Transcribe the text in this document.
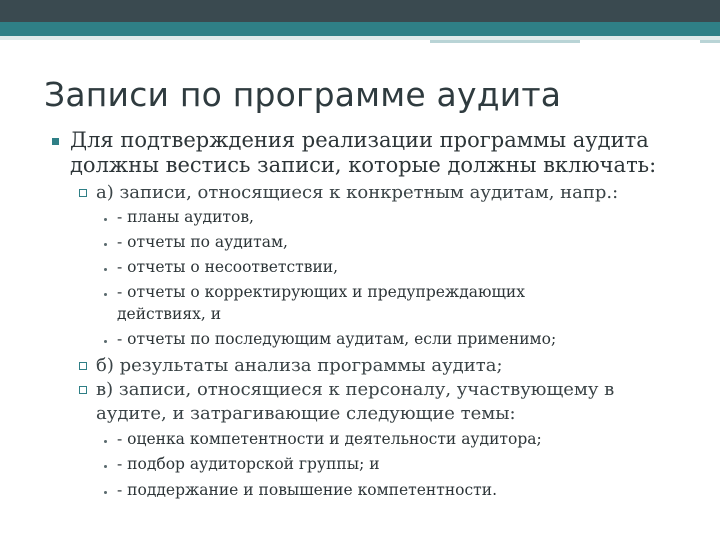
Записи по программе аудита
Для подтверждения реализации программы аудита
должны вестись записи, которые должны включать:
а) записи, относящиеся к конкретным аудитам, напр.:
- планы аудитов,
- отчеты по аудитам,
- отчеты о несоответствии,
- отчеты о корректирующих и предупреждающих
действиях, и
- отчеты по последующим аудитам, если применимо;
б) результаты анализа программы аудита;
в) записи, относящиеся к персоналу, участвующему в
аудите, и затрагивающие следующие темы:
- оценка компетентности и деятельности аудитора;
- подбор аудиторской группы; и
- поддержание и повышение компетентности.
